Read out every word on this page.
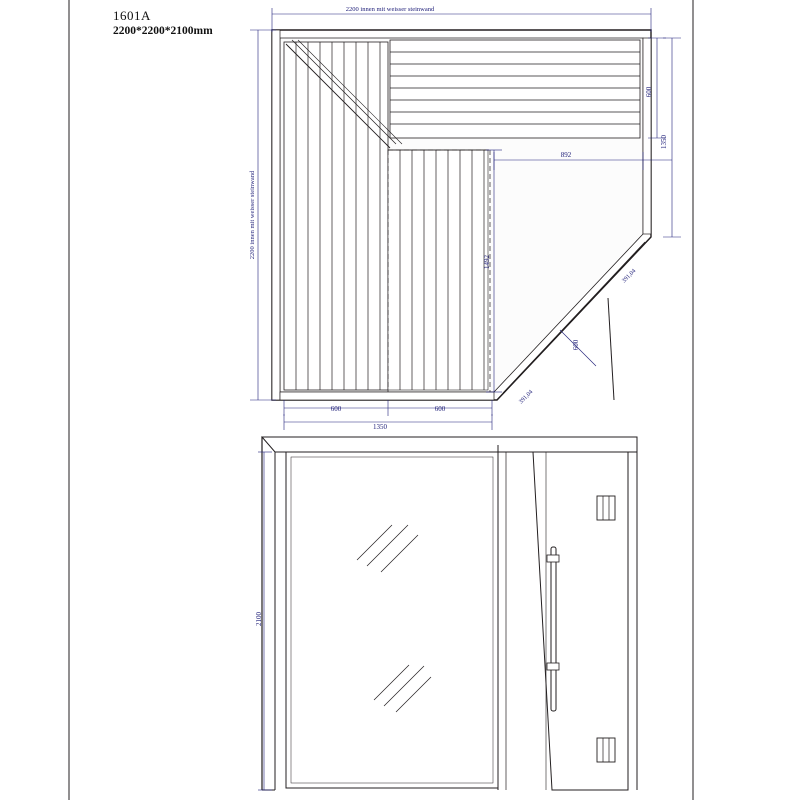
1601A
2200*2200*2100mm
2200 innen mit weisser steinwand
2200 innen mit weisser steinwand
600
1350
892
1492
600	600
1350
391,04
391,04
600
2100
